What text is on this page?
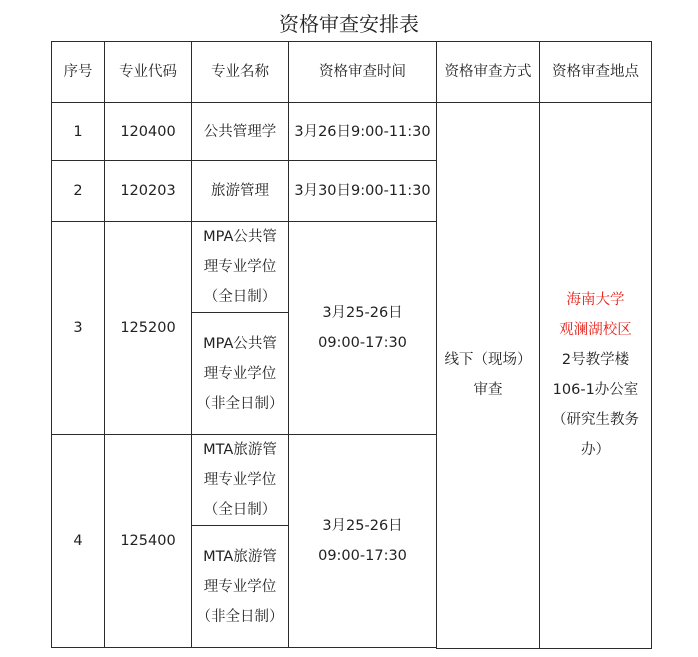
资格审查安排表
序号	专业代码	专业名称	资格审查时间	资格审查方式	资格审查地点
1	120400	公共管理学	3月26日9:00-11:30	线下（现场）审查	海南大学
观澜湖校区
2号教学楼
106-1办公室
（研究生教务办）

2	120203	旅游管理	3月30日9:00-11:30		
3	125200	MPA公共管理专业学位（全日制）	3月25-26日
09:00-17:30		

		MPA公共管理专业学位（非全日制）			
4	125400	MTA旅游管理专业学位（全日制）	3月25-26日
09:00-17:30		

		MTA旅游管理专业学位（非全日制）			
